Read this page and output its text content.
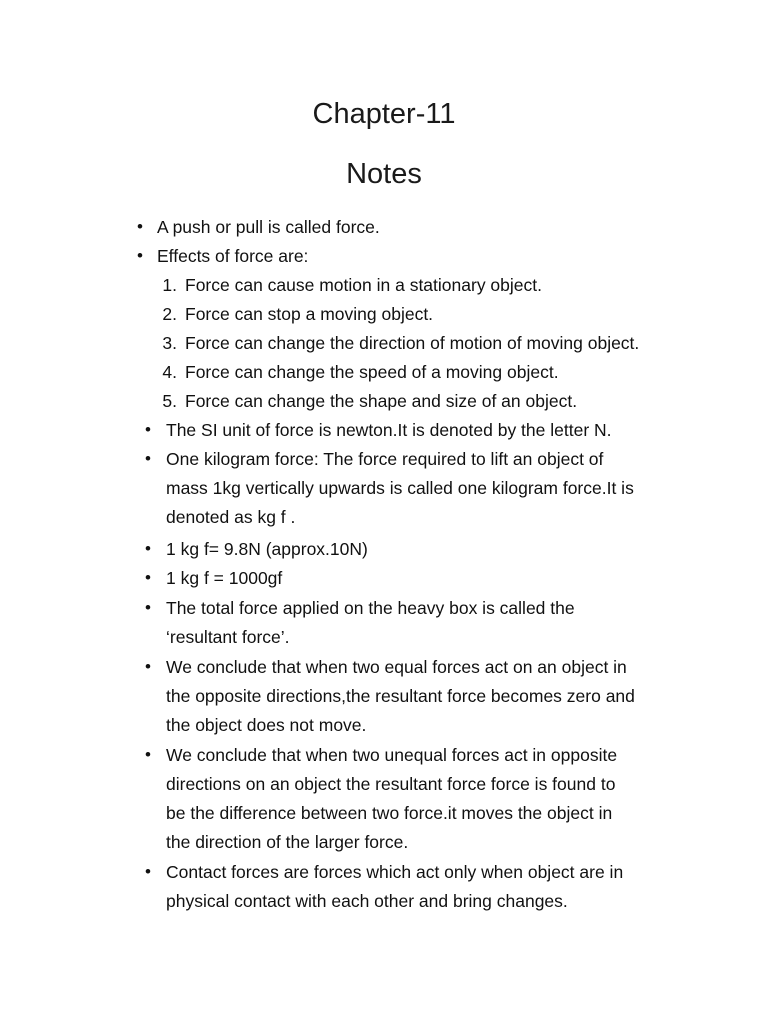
Chapter-11
Notes
• A push or pull is called force.
• Effects of force are:
1. Force can cause motion in a stationary object.
2. Force can stop a moving object.
3. Force can change the direction of motion of moving object.
4. Force can change the speed of a moving object.
5. Force can change the shape and size of an object.
• The SI unit of force is newton.It is denoted by the letter N.
• One kilogram force: The force required to lift an object of
mass 1kg vertically upwards is called one kilogram force.It is
denoted as kg f .
• 1 kg f= 9.8N (approx.10N)
• 1 kg f = 1000gf
• The total force applied on the heavy box is called the
‘resultant force’.
• We conclude that when two equal forces act on an object in
the opposite directions,the resultant force becomes zero and
the object does not move.
• We conclude that when two unequal forces act in opposite
directions on an object the resultant force force is found to
be the difference between two force.it moves the object in
the direction of the larger force.
• Contact forces are forces which act only when object are in
physical contact with each other and bring changes.
